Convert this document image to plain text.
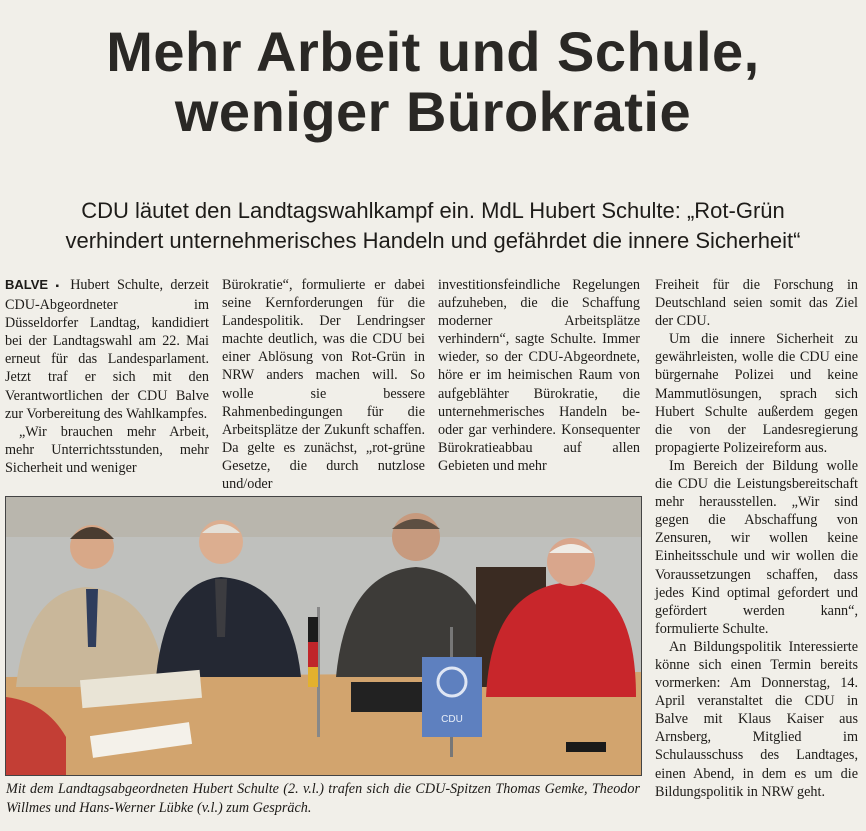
Mehr Arbeit und Schule,
weniger Bürokratie
CDU läutet den Landtagswahlkampf ein. MdL Hubert Schulte: „Rot-Grün
verhindert unternehmerisches Handeln und gefährdet die innere Sicherheit“

BALVE ▪ Hubert Schulte, derzeit CDU-Abgeordneter im Düsseldorfer Landtag, kandidiert bei der Landtagswahl am 22. Mai erneut für das Landesparlament. Jetzt traf er sich mit den Verantwortlichen der CDU Balve zur Vorbereitung des Wahlkampfes.

„Wir brauchen mehr Arbeit, mehr Unterrichtsstunden, mehr Sicherheit und weniger

Bürokratie“, formulierte er dabei seine Kernforderungen für die Landespolitik. Der Lendringser machte deutlich, was die CDU bei einer Ablösung von Rot-Grün in NRW anders machen will. So wolle sie bessere Rahmenbedingungen für die Arbeitsplätze der Zukunft schaffen. Da gelte es zunächst, „rot-grüne Gesetze, die durch nutzlose und/oder

investitionsfeindliche Regelungen aufzuheben, die die Schaffung moderner Arbeitsplätze verhindern“, sagte Schulte. Immer wieder, so der CDU-Abgeordnete, höre er im heimischen Raum von aufgeblähter Bürokratie, die unternehmerisches Handeln be- oder gar verhindere. Konsequenter Bürokratieabbau auf allen Gebieten und mehr

Freiheit für die Forschung in Deutschland seien somit das Ziel der CDU.

Um die innere Sicherheit zu gewährleisten, wolle die CDU eine bürgernahe Polizei und keine Mammutlösungen, sprach sich Hubert Schulte außerdem gegen die von der Landesregierung propagierte Polizeireform aus.

Im Bereich der Bildung wolle die CDU die Leistungsbereitschaft mehr herausstellen. „Wir sind gegen die Abschaffung von Zensuren, wir wollen keine Einheitsschule und wir wollen die Voraussetzungen schaffen, dass jedes Kind optimal gefordert und gefördert werden kann“, formulierte Schulte.

An Bildungspolitik Interessierte könne sich einen Termin bereits vormerken: Am Donnerstag, 14. April veranstaltet die CDU in Balve mit Klaus Kaiser aus Arnsberg, Mitglied im Schulausschuss des Landtages, einen Abend, in dem es um die Bildungspolitik in NRW geht.

CDU
Mit dem Landtagsabgeordneten Hubert Schulte (2. v.l.) trafen sich die CDU-Spitzen Thomas Gemke, Theodor Willmes und Hans-Werner Lübke (v.l.) zum Gespräch.
